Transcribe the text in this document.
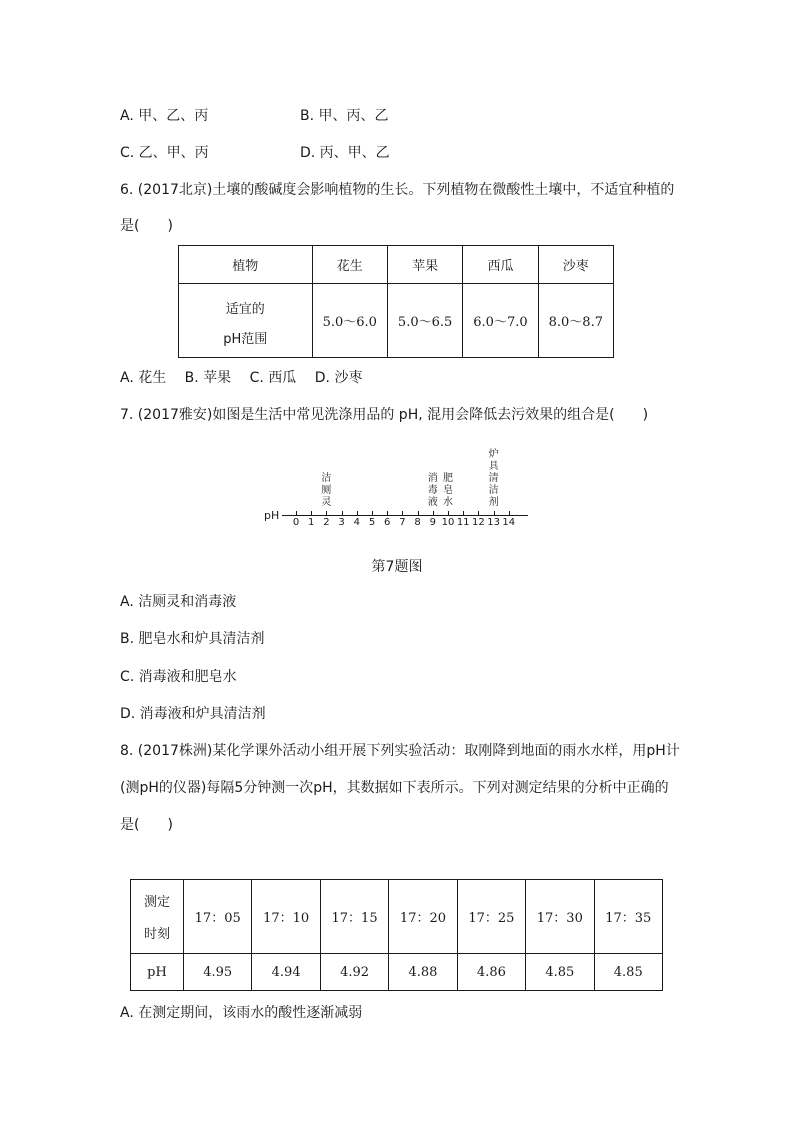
A. 甲、乙、丙	B. 甲、丙、乙
C. 乙、甲、丙	D. 丙、甲、乙
6. (2017北京)土壤的酸碱度会影响植物的生长。下列植物在微酸性土壤中，不适宜种植的
是(　　)
植物	花生	苹果	西瓜	沙枣

适宜的
pH范围	5.0～6.0	5.0～6.5	6.0～7.0	8.0～8.7
A. 花生　 B. 苹果　 C. 西瓜　 D. 沙枣
7. (2017雅安)如图是生活中常见洗涤用品的 pH, 混用会降低去污效果的组合是(　　)
pH
0 1 2 3 4 5 6 7 8 9 10 11 12 13 14
洁
厕
灵
消
毒
液
肥
皂
水
炉
具
清
洁
剂
第7题图
A. 洁厕灵和消毒液
B. 肥皂水和炉具清洁剂
C. 消毒液和肥皂水
D. 消毒液和炉具清洁剂
8. (2017株洲)某化学课外活动小组开展下列实验活动：取刚降到地面的雨水水样，用pH计
(测pH的仪器)每隔5分钟测一次pH，其数据如下表所示。下列对测定结果的分析中正确的
是(　　)
测定
时刻	17：05	17：10	17：15	17：20	17：25	17：30	17：35
pH	4.95	4.94	4.92	4.88	4.86	4.85	4.85
A. 在测定期间，该雨水的酸性逐渐减弱
